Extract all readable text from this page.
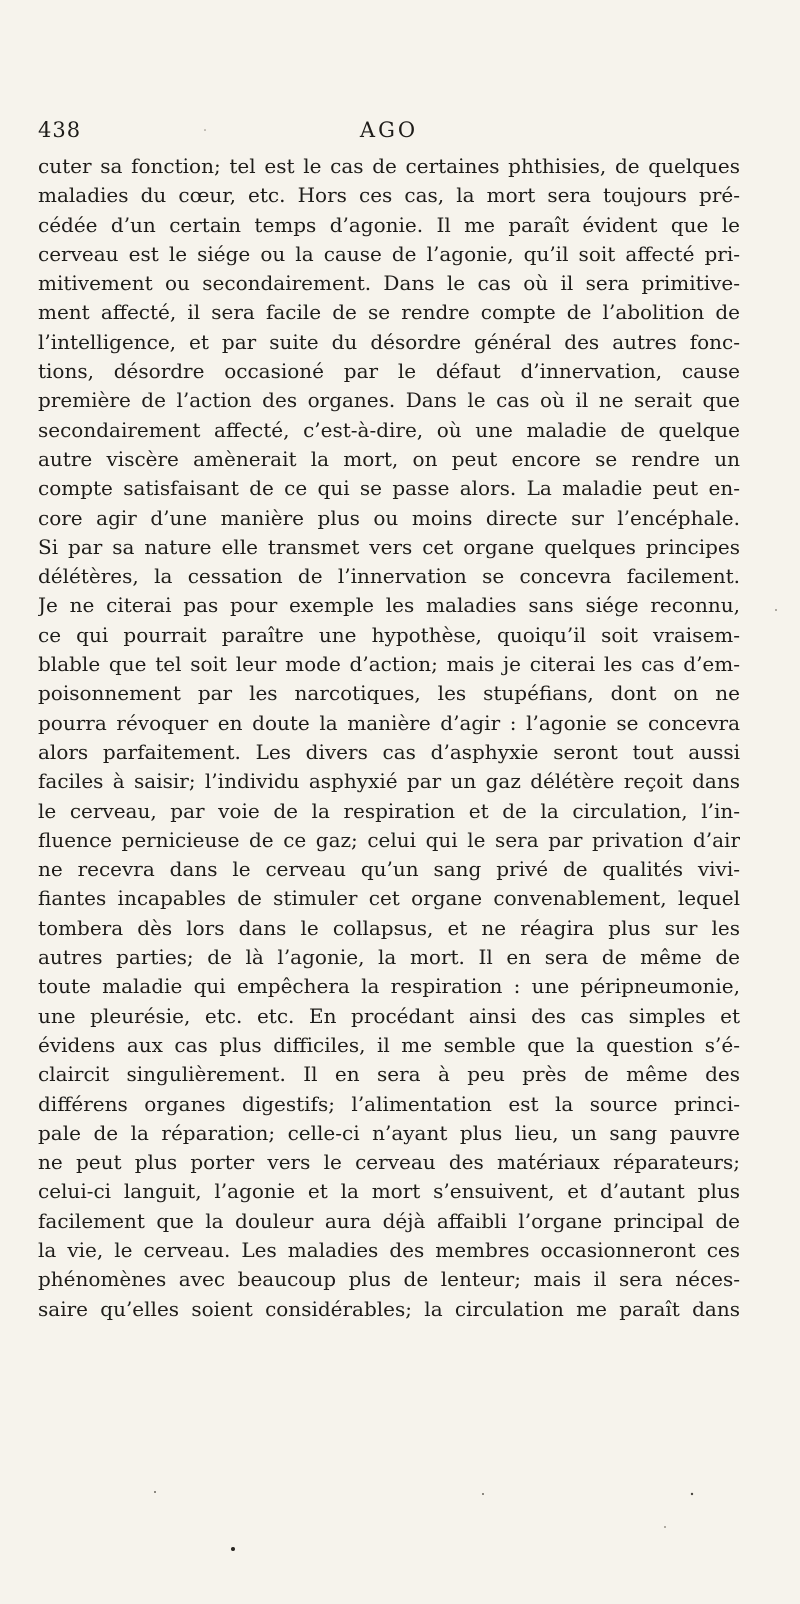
438	AGO
cuter sa fonction; tel est le cas de certaines phthisies, de quelques
maladies du cœur, etc. Hors ces cas, la mort sera toujours pré-
cédée d’un certain temps d’agonie. Il me paraît évident que le
cerveau est le siége ou la cause de l’agonie, qu’il soit affecté pri-
mitivement ou secondairement. Dans le cas où il sera primitive-
ment affecté, il sera facile de se rendre compte de l’abolition de
l’intelligence, et par suite du désordre général des autres fonc-
tions, désordre occasioné par le défaut d’innervation, cause
première de l’action des organes. Dans le cas où il ne serait que
secondairement affecté, c’est-à-dire, où une maladie de quelque
autre viscère amènerait la mort, on peut encore se rendre un
compte satisfaisant de ce qui se passe alors. La maladie peut en-
core agir d’une manière plus ou moins directe sur l’encéphale.
Si par sa nature elle transmet vers cet organe quelques principes
délétères, la cessation de l’innervation se concevra facilement.
Je ne citerai pas pour exemple les maladies sans siége reconnu,
ce qui pourrait paraître une hypothèse, quoiqu’il soit vraisem-
blable que tel soit leur mode d’action; mais je citerai les cas d’em-
poisonnement par les narcotiques, les stupéfians, dont on ne
pourra révoquer en doute la manière d’agir : l’agonie se concevra
alors parfaitement. Les divers cas d’asphyxie seront tout aussi
faciles à saisir; l’individu asphyxié par un gaz délétère reçoit dans
le cerveau, par voie de la respiration et de la circulation, l’in-
fluence pernicieuse de ce gaz; celui qui le sera par privation d’air
ne recevra dans le cerveau qu’un sang privé de qualités vivi-
fiantes incapables de stimuler cet organe convenablement, lequel
tombera dès lors dans le collapsus, et ne réagira plus sur les
autres parties; de là l’agonie, la mort. Il en sera de même de
toute maladie qui empêchera la respiration : une péripneumonie,
une pleurésie, etc. etc. En procédant ainsi des cas simples et
évidens aux cas plus difficiles, il me semble que la question s’é-
claircit singulièrement. Il en sera à peu près de même des
différens organes digestifs; l’alimentation est la source princi-
pale de la réparation; celle-ci n’ayant plus lieu, un sang pauvre
ne peut plus porter vers le cerveau des matériaux réparateurs;
celui-ci languit, l’agonie et la mort s’ensuivent, et d’autant plus
facilement que la douleur aura déjà affaibli l’organe principal de
la vie, le cerveau. Les maladies des membres occasionneront ces
phénomènes avec beaucoup plus de lenteur; mais il sera néces-
saire qu’elles soient considérables; la circulation me paraît dans
